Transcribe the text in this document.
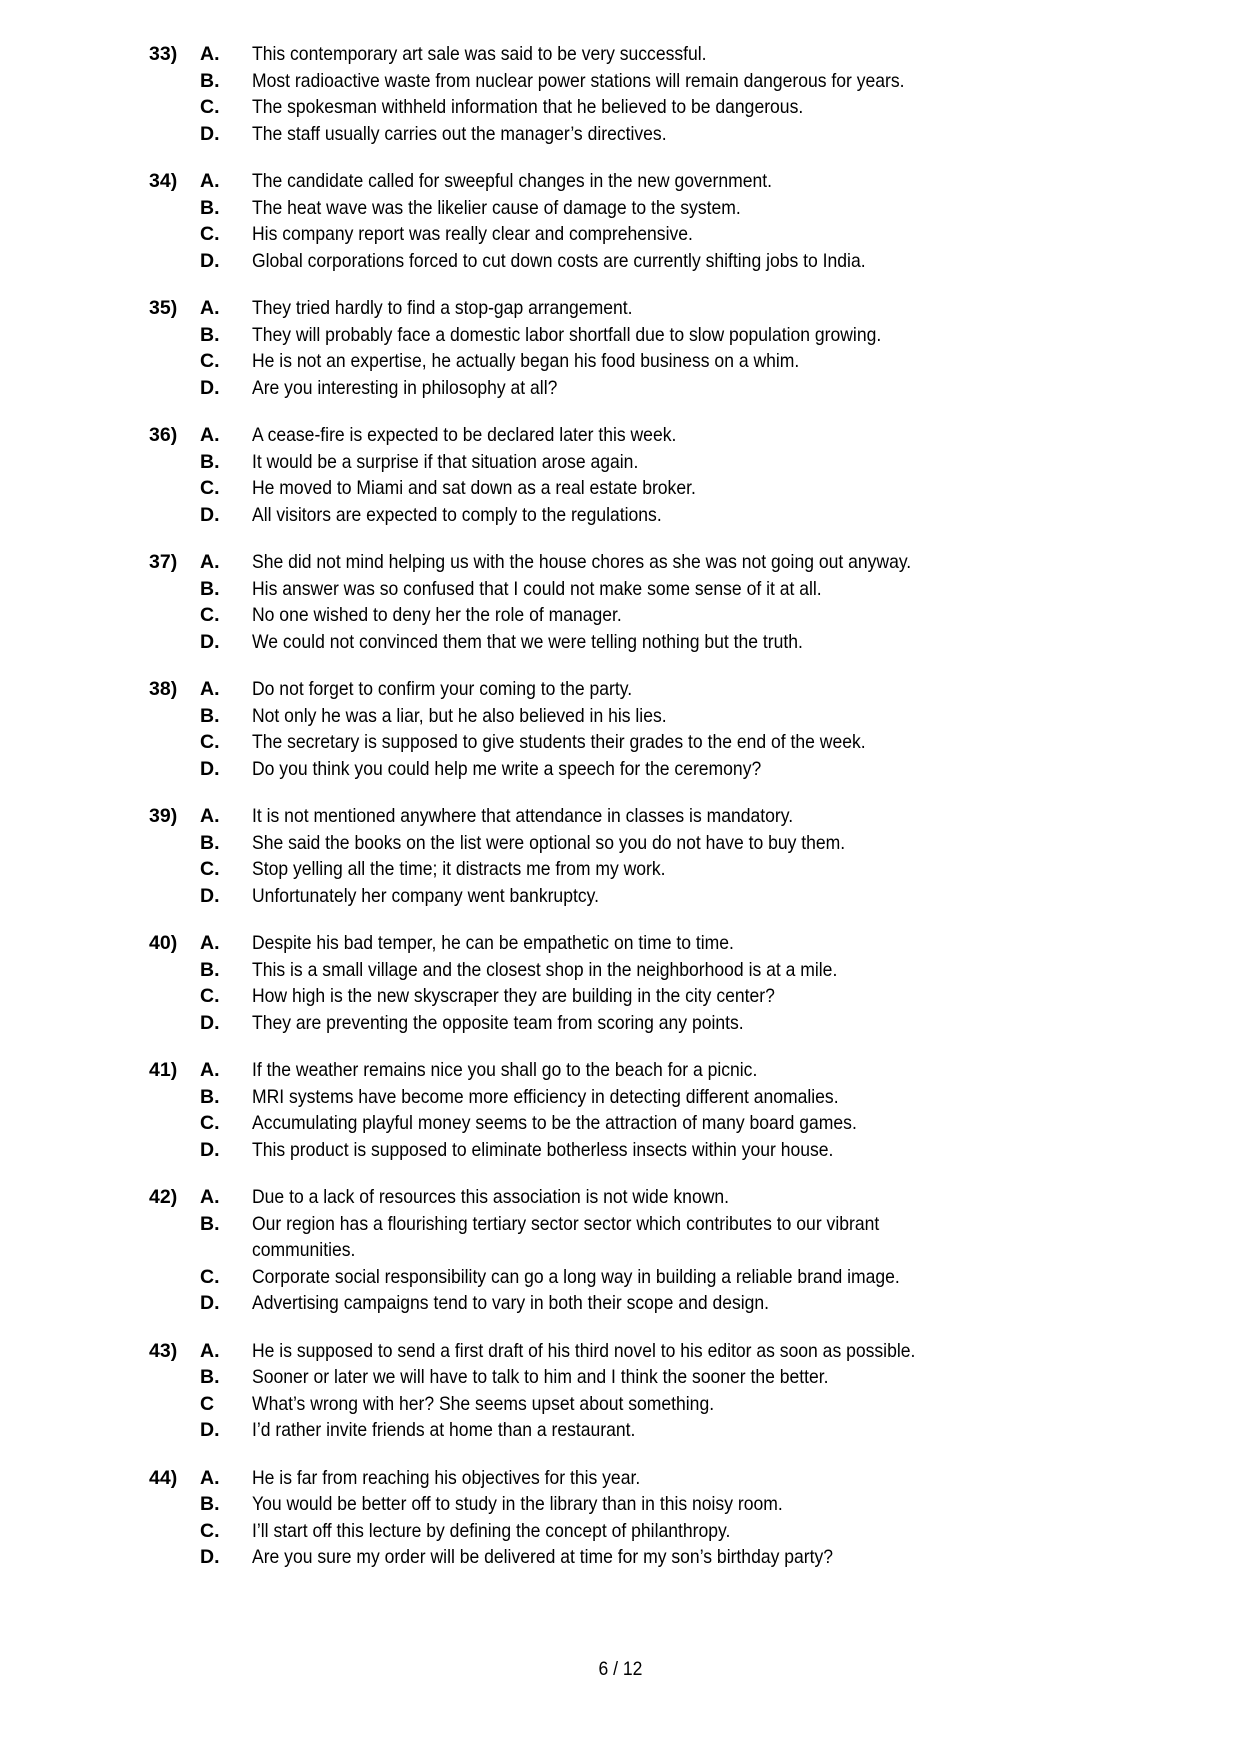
33) A. This contemporary art sale was said to be very successful.
B. Most radioactive waste from nuclear power stations will remain dangerous for years.
C. The spokesman withheld information that he believed to be dangerous.
D. The staff usually carries out the manager’s directives.
34) A. The candidate called for sweepful changes in the new government.
B. The heat wave was the likelier cause of damage to the system.
C. His company report was really clear and comprehensive.
D. Global corporations forced to cut down costs are currently shifting jobs to India.
35) A. They tried hardly to find a stop-gap arrangement.
B. They will probably face a domestic labor shortfall due to slow population growing.
C. He is not an expertise, he actually began his food business on a whim.
D. Are you interesting in philosophy at all?
36) A. A cease-fire is expected to be declared later this week.
B. It would be a surprise if that situation arose again.
C. He moved to Miami and sat down as a real estate broker.
D. All visitors are expected to comply to the regulations.
37) A. She did not mind helping us with the house chores as she was not going out anyway.
B. His answer was so confused that I could not make some sense of it at all.
C. No one wished to deny her the role of manager.
D. We could not convinced them that we were telling nothing but the truth.
38) A. Do not forget to confirm your coming to the party.
B. Not only he was a liar, but he also believed in his lies.
C. The secretary is supposed to give students their grades to the end of the week.
D. Do you think you could help me write a speech for the ceremony?
39) A. It is not mentioned anywhere that attendance in classes is mandatory.
B. She said the books on the list were optional so you do not have to buy them.
C. Stop yelling all the time; it distracts me from my work.
D. Unfortunately her company went bankruptcy.
40) A. Despite his bad temper, he can be empathetic on time to time.
B. This is a small village and the closest shop in the neighborhood is at a mile.
C. How high is the new skyscraper they are building in the city center?
D. They are preventing the opposite team from scoring any points.
41) A. If the weather remains nice you shall go to the beach for a picnic.
B. MRI systems have become more efficiency in detecting different anomalies.
C. Accumulating playful money seems to be the attraction of many board games.
D. This product is supposed to eliminate botherless insects within your house.
42) A. Due to a lack of resources this association is not wide known.
B. Our region has a flourishing tertiary sector sector which contributes to our vibrant communities.
C. Corporate social responsibility can go a long way in building a reliable brand image.
D. Advertising campaigns tend to vary in both their scope and design.
43) A. He is supposed to send a first draft of his third novel to his editor as soon as possible.
B. Sooner or later we will have to talk to him and I think the sooner the better.
C What’s wrong with her? She seems upset about something.
D. I’d rather invite friends at home than a restaurant.
44) A. He is far from reaching his objectives for this year.
B. You would be better off to study in the library than in this noisy room.
C. I’ll start off this lecture by defining the concept of philanthropy.
D. Are you sure my order will be delivered at time for my son’s birthday party?
6 / 12
